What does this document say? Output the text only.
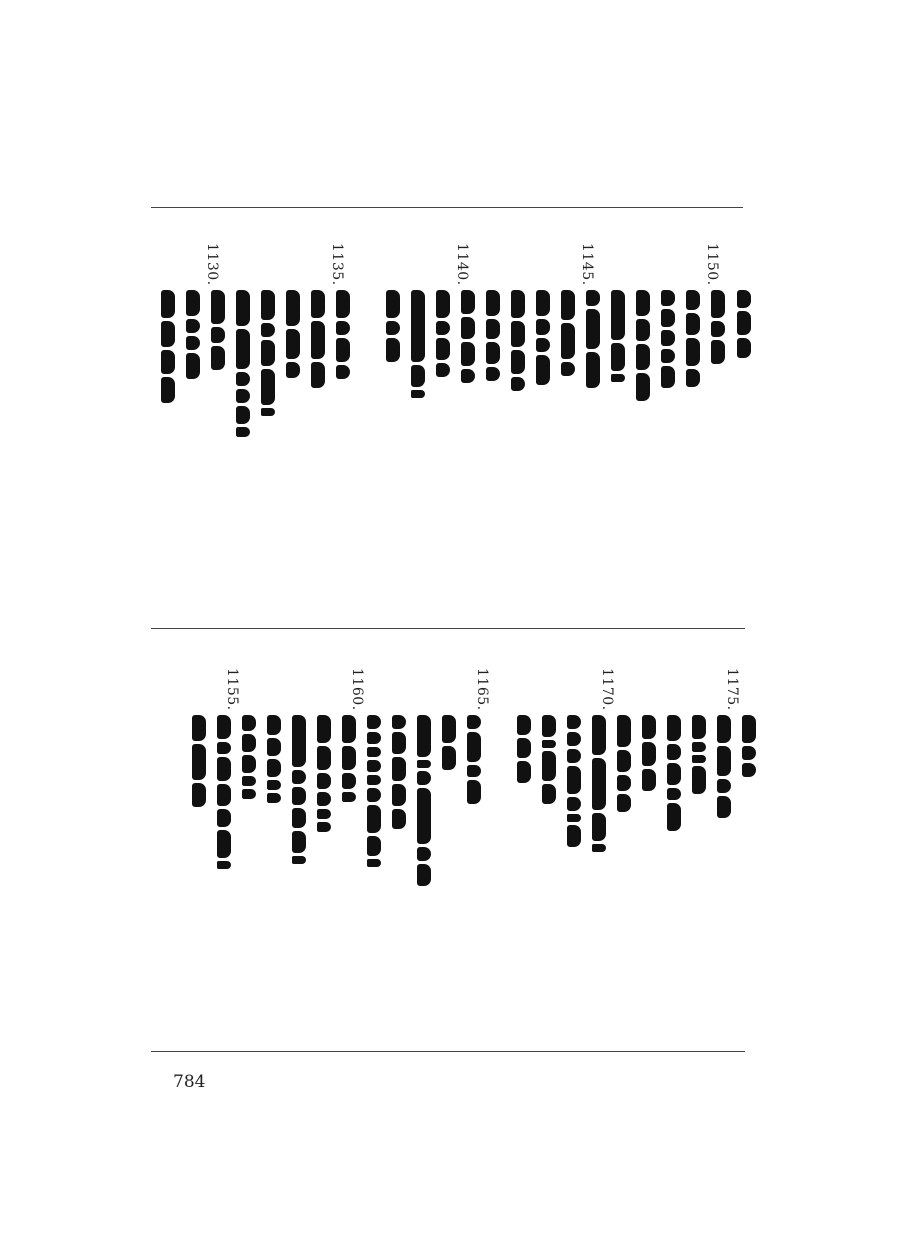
1150.
1145.
1140.
1135.
1130.
1175.
1170.
1165.
1160.
1155.
784
